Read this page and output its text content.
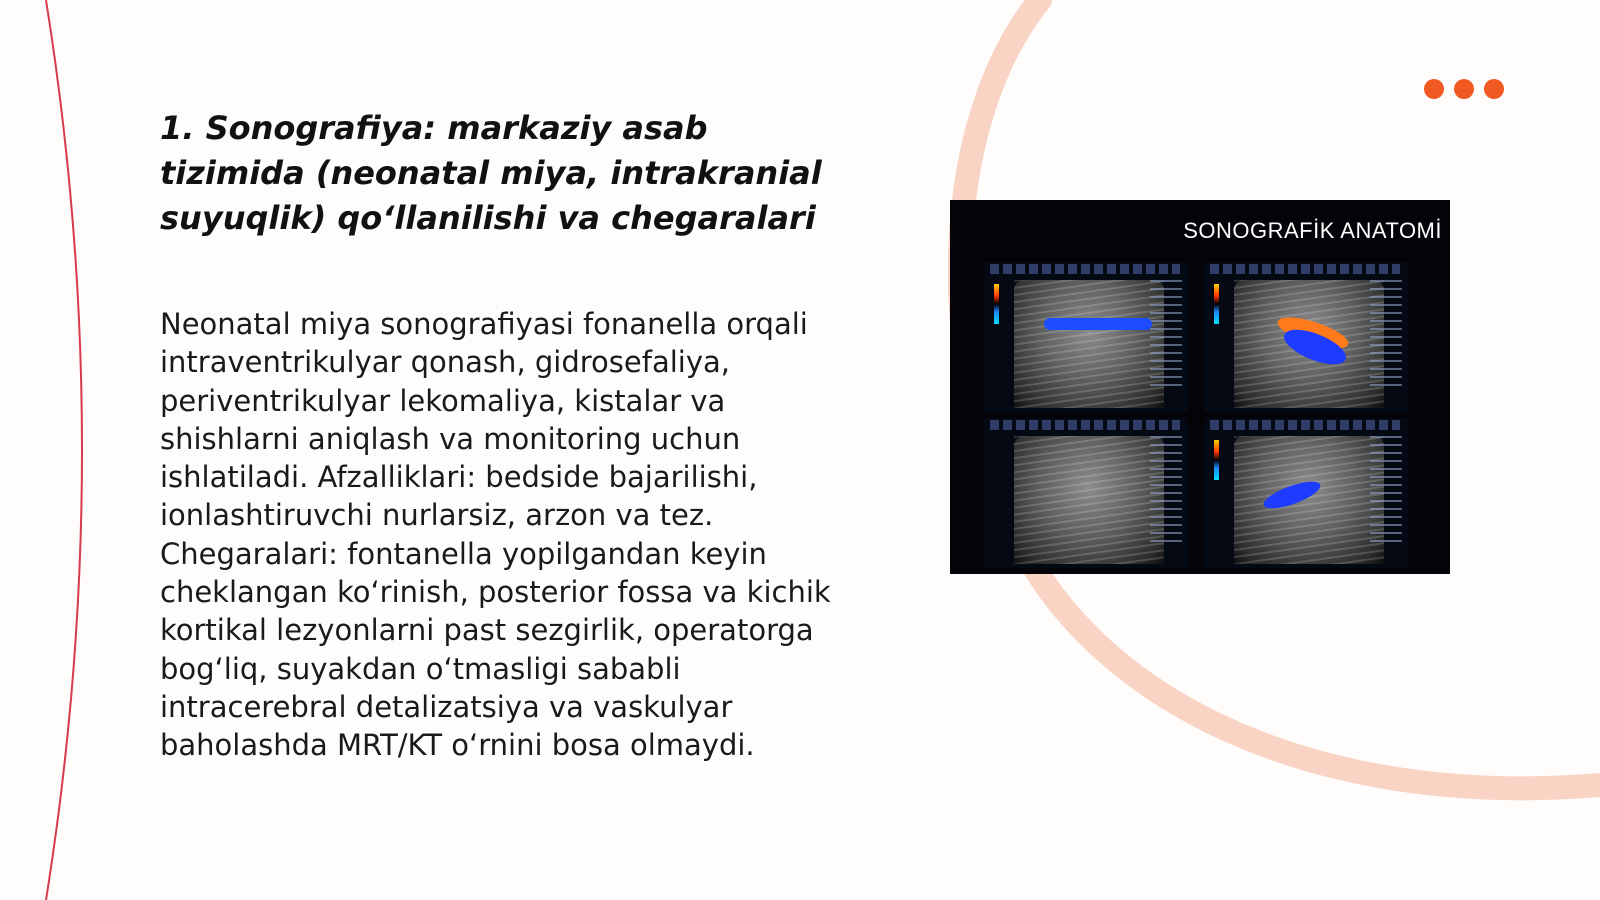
1. Sonografiya: markaziy asab tizimida (neonatal miya, intrakranial suyuqlik) qo‘llanilishi va chegaralari

Neonatal miya sonografiyasi fonanella orqali intraventrikulyar qonash, gidrosefaliya, periventrikulyar lekomaliya, kistalar va shishlarni aniqlash va monitoring uchun ishlatiladi. Afzalliklari: bedside bajarilishi, ionlashtiruvchi nurlarsiz, arzon va tez. Chegaralari: fontanella yopilgandan keyin cheklangan ko‘rinish, posterior fossa va kichik kortikal lezyonlarni past sezgirlik, operatorga bog‘liq, suyakdan o‘tmasligi sababli intracerebral detalizatsiya va vaskulyar baholashda MRT/KT o‘rnini bosa olmaydi.

SONOGRAFİK ANATOMİ
